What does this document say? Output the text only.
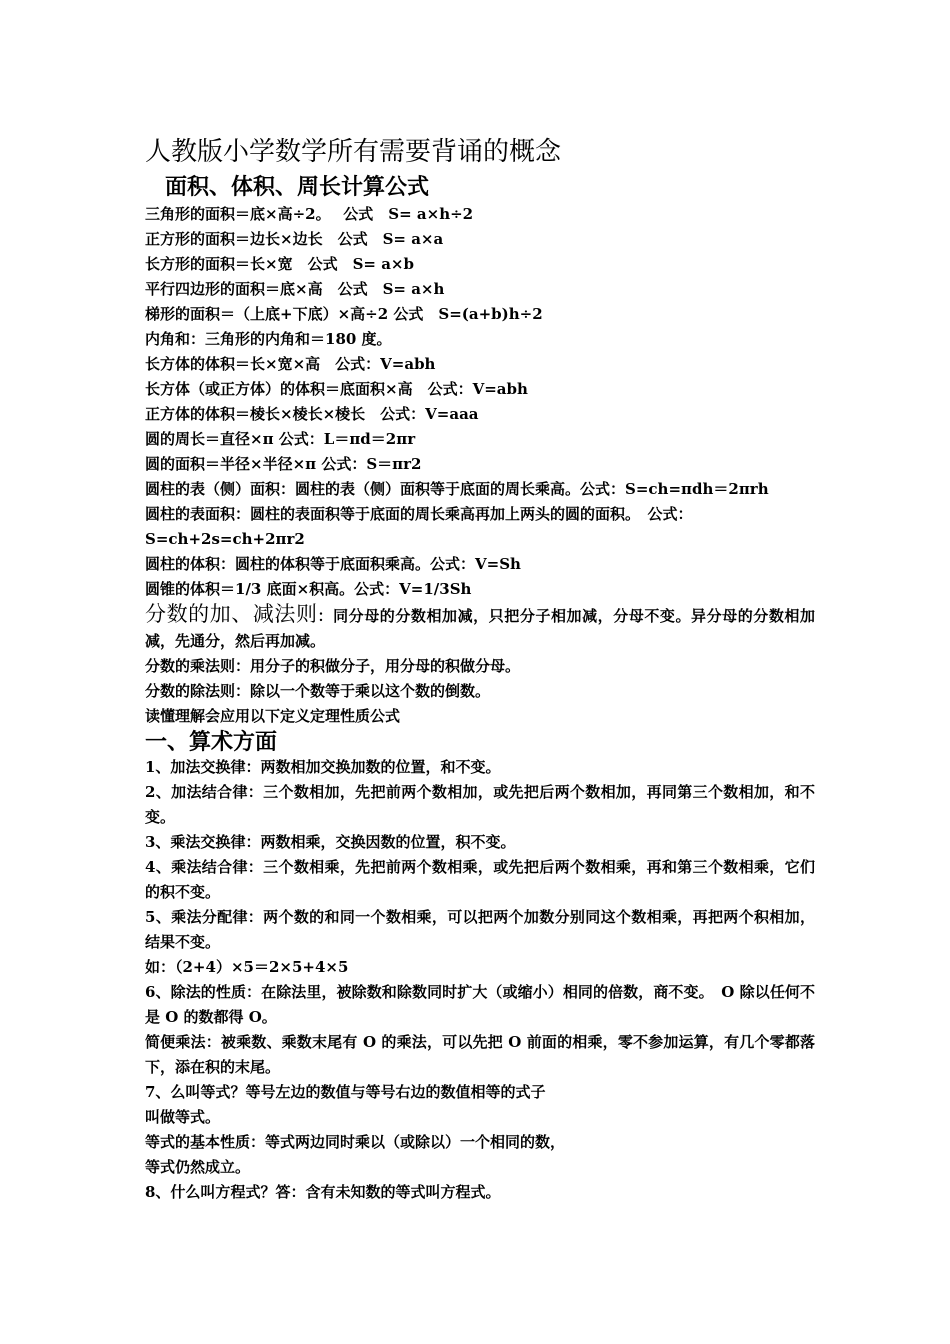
人教版小学数学所有需要背诵的概念
面积、体积、周长计算公式

三角形的面积＝底×高÷2。　 公式　S= a×h÷2

正方形的面积＝边长×边长　公式　S= a×a

长方形的面积＝长×宽　公式　S= a×b

平行四边形的面积＝底×高　公式　S= a×h

梯形的面积＝（上底+下底）×高÷2 公式　S=(a+b)h÷2

内角和：三角形的内角和＝180 度。

长方体的体积＝长×宽×高　公式：V=abh

长方体（或正方体）的体积＝底面积×高　公式：V=abh

正方体的体积＝棱长×棱长×棱长　公式：V=aaa

圆的周长＝直径×π 公式：L＝πd＝2πr

圆的面积＝半径×半径×π 公式：S＝πr2

圆柱的表（侧）面积：圆柱的表（侧）面积等于底面的周长乘高。公式：S=ch=πdh＝2πrh

圆柱的表面积：圆柱的表面积等于底面的周长乘高再加上两头的圆的面积。　公式：

S=ch+2s=ch+2πr2

圆柱的体积：圆柱的体积等于底面积乘高。公式：V=Sh

圆锥的体积＝1/3 底面×积高。公式：V=1/3Sh

分数的加、减法则：同分母的分数相加减，只把分子相加减，分母不变。异分母的分数相加减，先通分，然后再加减。

分数的乘法则：用分子的积做分子，用分母的积做分母。

分数的除法则：除以一个数等于乘以这个数的倒数。

读懂理解会应用以下定义定理性质公式

一、算术方面

1、加法交换律：两数相加交换加数的位置，和不变。

2、加法结合律：三个数相加，先把前两个数相加，或先把后两个数相加，再同第三个数相加，和不变。

3、乘法交换律：两数相乘，交换因数的位置，积不变。

4、乘法结合律：三个数相乘，先把前两个数相乘，或先把后两个数相乘，再和第三个数相乘，它们的积不变。

5、乘法分配律：两个数的和同一个数相乘，可以把两个加数分别同这个数相乘，再把两个积相加，结果不变。

如：（2+4）×5＝2×5+4×5

6、除法的性质：在除法里，被除数和除数同时扩大（或缩小）相同的倍数，商不变。　O 除以任何不是 O 的数都得 O。

简便乘法：被乘数、乘数末尾有 O 的乘法，可以先把 O 前面的相乘，零不参加运算，有几个零都落下，添在积的末尾。

7、么叫等式？等号左边的数值与等号右边的数值相等的式子

叫做等式。

等式的基本性质：等式两边同时乘以（或除以）一个相同的数，

等式仍然成立。

8、什么叫方程式？答：含有未知数的等式叫方程式。
